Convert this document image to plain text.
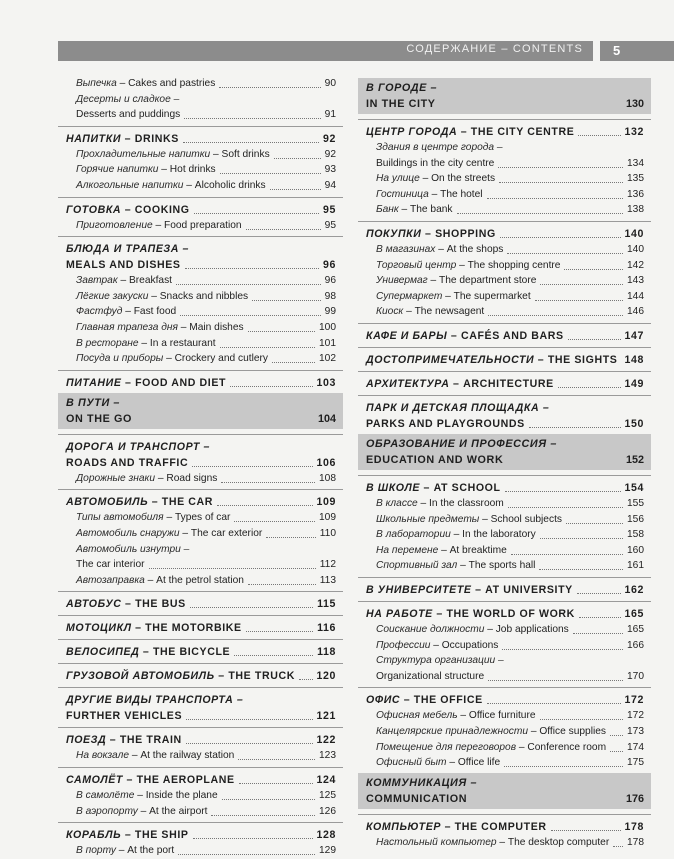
СОДЕРЖАНИЕ – CONTENTS 5
Выпечка – Cakes and pastries	90
Десерты и сладкое –
Desserts and puddings	91
НАПИТКИ – DRINKS	92
Прохладительные напитки – Soft drinks	92
Горячие напитки – Hot drinks	93
Алкогольные напитки – Alcoholic drinks	94
ГОТОВКА – COOKING	95
Приготовление – Food preparation	95
БЛЮДА И ТРАПЕЗА –
MEALS AND DISHES	96
Завтрак – Breakfast	96
Лёгкие закуски – Snacks and nibbles	98
Фастфуд – Fast food	99
Главная трапеза дня – Main dishes	100
В ресторане – In a restaurant	101
Посуда и приборы – Crockery and cutlery	102
ПИТАНИЕ – FOOD AND DIET	103
В ПУТИ –
ON THE GO	104
ДОРОГА И ТРАНСПОРТ –
ROADS AND TRAFFIC	106
Дорожные знаки – Road signs	108
АВТОМОБИЛЬ – THE CAR	109
Типы автомобиля – Types of car	109
Автомобиль снаружи – The car exterior	110
Автомобиль изнутри –
The car interior	112
Автозаправка – At the petrol station	113
АВТОБУС – THE BUS	115
МОТОЦИКЛ – THE MOTORBIKE	116
ВЕЛОСИПЕД – THE BICYCLE	118
ГРУЗОВОЙ АВТОМОБИЛЬ – THE TRUCK 120
ДРУГИЕ ВИДЫ ТРАНСПОРТА –
FURTHER VEHICLES	121
ПОЕЗД – THE TRAIN	122
На вокзале – At the railway station	123
САМОЛЁТ – THE AEROPLANE	124
В самолёте – Inside the plane	125
В аэропорту – At the airport	126
КОРАБЛЬ – THE SHIP	128
В порту – At the port	129
В ГОРОДЕ –
IN THE CITY	130
ЦЕНТР ГОРОДА – THE CITY CENTRE	132
Здания в центре города –
Buildings in the city centre	134
На улице – On the streets	135
Гостиница – The hotel	136
Банк – The bank	138
ПОКУПКИ – SHOPPING	140
В магазинах – At the shops	140
Торговый центр – The shopping centre	142
Универмаг – The department store	143
Супермаркет – The supermarket	144
Киоск – The newsagent	146
КАФЕ И БАРЫ – CAFÉS AND BARS	147
ДОСТОПРИМЕЧАТЕЛЬНОСТИ – THE SIGHTS 148
АРХИТЕКТУРА – ARCHITECTURE	149
ПАРК И ДЕТСКАЯ ПЛОЩАДКА –
PARKS AND PLAYGROUNDS	150
ОБРАЗОВАНИЕ И ПРОФЕССИЯ –
EDUCATION AND WORK	152
В ШКОЛЕ – AT SCHOOL	154
В классе – In the classroom	155
Школьные предметы – School subjects	156
В лаборатории – In the laboratory	158
На перемене – At breaktime	160
Спортивный зал – The sports hall	161
В УНИВЕРСИТЕТЕ – AT UNIVERSITY	162
НА РАБОТЕ – THE WORLD OF WORK	165
Соискание должности – Job applications	165
Профессии – Occupations	166
Структура организации –
Organizational structure	170
ОФИС – THE OFFICE	172
Офисная мебель – Office furniture	172
Канцелярские принадлежности – Office supplies 173
Помещение для переговоров – Conference room 174
Офисный быт – Office life	175
КОММУНИКАЦИЯ –
COMMUNICATION	176
КОМПЬЮТЕР – THE COMPUTER	178
Настольный компьютер – The desktop computer 178
